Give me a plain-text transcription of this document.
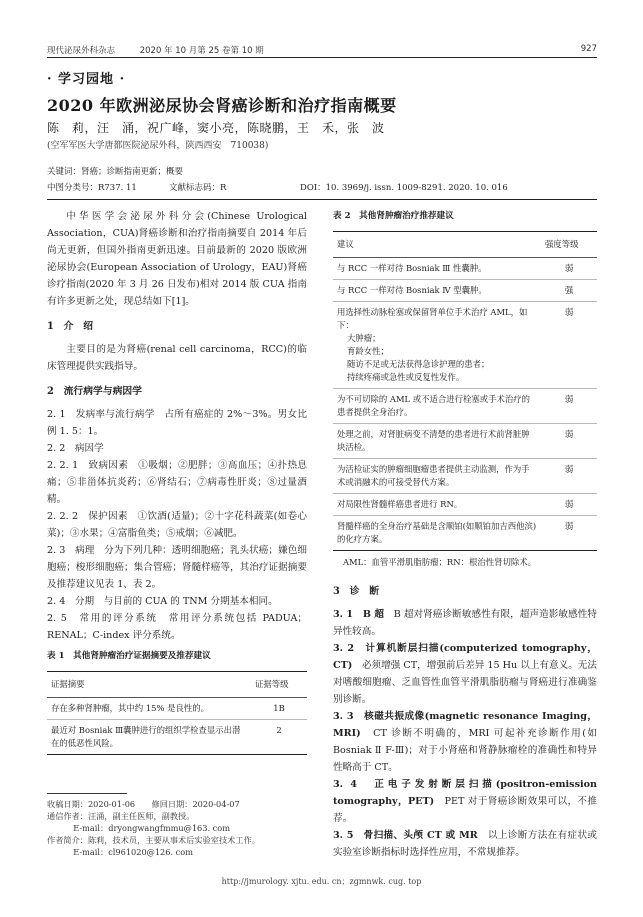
现代泌尿外科杂志	2020 年 10 月第 25 卷第 10 期	927
· 学习园地 ·
2020 年欧洲泌尿协会肾癌诊断和治疗指南概要
陈　莉，汪　涌，祝广峰，窦小亮，陈晓鹏，王　禾，张　波
(空军军医大学唐都医院泌尿外科，陕西西安　710038)
关键词：肾癌；诊断指南更新；概要
中图分类号：R737. 11	文献标志码：R	DOI：10. 3969/j. issn. 1009-8291. 2020. 10. 016

中华医学会泌尿外科分会(Chinese Urological Association，CUA)肾癌诊断和治疗指南摘要自 2014 年后尚无更新，但国外指南更新迅速。目前最新的 2020 版欧洲泌尿协会(European Association of Urology，EAU)肾癌诊疗指南(2020 年 3 月 26 日发布)相对 2014 版 CUA 指南有许多更新之处，现总结如下[1]。

1　介　绍

主要目的是为肾癌(renal cell carcinoma，RCC)的临床管理提供实践指导。

2　流行病学与病因学
2. 1　发病率与流行病学　占所有癌症的 2%～3%。男女比例 1. 5：1。
2. 2　病因学
2. 2. 1　致病因素　①吸烟；②肥胖；③高血压；④扑热息痛；⑤非甾体抗炎药；⑥肾结石；⑦病毒性肝炎；⑧过量酒精。
2. 2. 2　保护因素　①饮酒(适量)；②十字花科蔬菜(如卷心菜)；③水果；④富脂鱼类；⑤戒烟；⑥减肥。
2. 3　病理　分为下列几种：透明细胞癌；乳头状癌；嫌色细胞癌；梭形细胞癌；集合管癌；肾髓样癌等，其治疗证据摘要及推荐建议见表 1、表 2。
2. 4　分期　与目前的 CUA 的 TNM 分期基本相同。
2. 5　常用的评分系统　常用评分系统包括 PADUA；RENAL；C-index 评分系统。
表 1　其他肾肿瘤治疗证据摘要及推荐建议
证据摘要	证据等级
存在多种肾肿瘤，其中约 15% 是良性的。	1B
最近对 Bosniak Ⅲ囊肿进行的组织学检查显示出潜在的低恶性风险。	2
收稿日期：2020-01-06　　修回日期：2020-04-07
通信作者：汪涌，副主任医师，副教授。
E-mail：dryongwangfmmu@163. com
作者简介：陈莉，技术员，主要从事术后实验室技术工作。
E-mail：cl961020@126. com
表 2　其他肾肿瘤治疗推荐建议
建议	强度等级

与 RCC 一样对待 Bosniak Ⅲ 性囊肿。	弱

与 RCC 一样对待 Bosniak Ⅳ 型囊肿。	强

用选择性动脉栓塞或保留肾单位手术治疗 AML，如下：
大肿瘤；
育龄女性；
随访不足或无法获得急诊护理的患者；
持续疼痛或急性或反复性发作。	弱

为不可切除的 AML 或不适合进行栓塞或手术治疗的患者提供全身治疗。	弱

处理之前，对肾脏病变不清楚的患者进行术前肾脏肿块活检。	弱

为活检证实的肿瘤细胞瘤患者提供主动监测，作为手术或消融术的可接受替代方案。	弱

对局限性肾髓样癌患者进行 RN。	弱

肾髓样癌的全身治疗基础是含顺铂(如顺铂加吉西他滨)的化疗方案。	弱
AML：血管平滑肌脂肪瘤；RN：根治性肾切除术。
3　诊　断
3. 1　B 超　 B 超对肾癌诊断敏感性有限，超声造影敏感性特异性较高。
3. 2　计算机断层扫描(computerized tomography，CT)　 必须增强 CT，增强前后差异 15 Hu 以上有意义。无法对嗜酸细胞瘤、乏血管性血管平滑肌脂肪瘤与肾癌进行准确鉴别诊断。
3. 3　核磁共振成像(magnetic resonance Imaging，MRI)　 CT 诊断不明确的，MRI 可起补充诊断作用(如 Bosniak Ⅱ F-Ⅲ)；对于小肾癌和肾静脉瘤栓的准确性和特异性略高于 CT。
3. 4　正电子发射断层扫描(positron-emission tomography，PET)　 PET 对于肾癌诊断效果可以，不推荐。
3. 5　骨扫描、头颅 CT 或 MR　 以上诊断方法在有症状或实验室诊断指标时选择性应用，不常规推荐。
http://jmurology. xjtu. edu. cn；zgmnwk. cug. top
